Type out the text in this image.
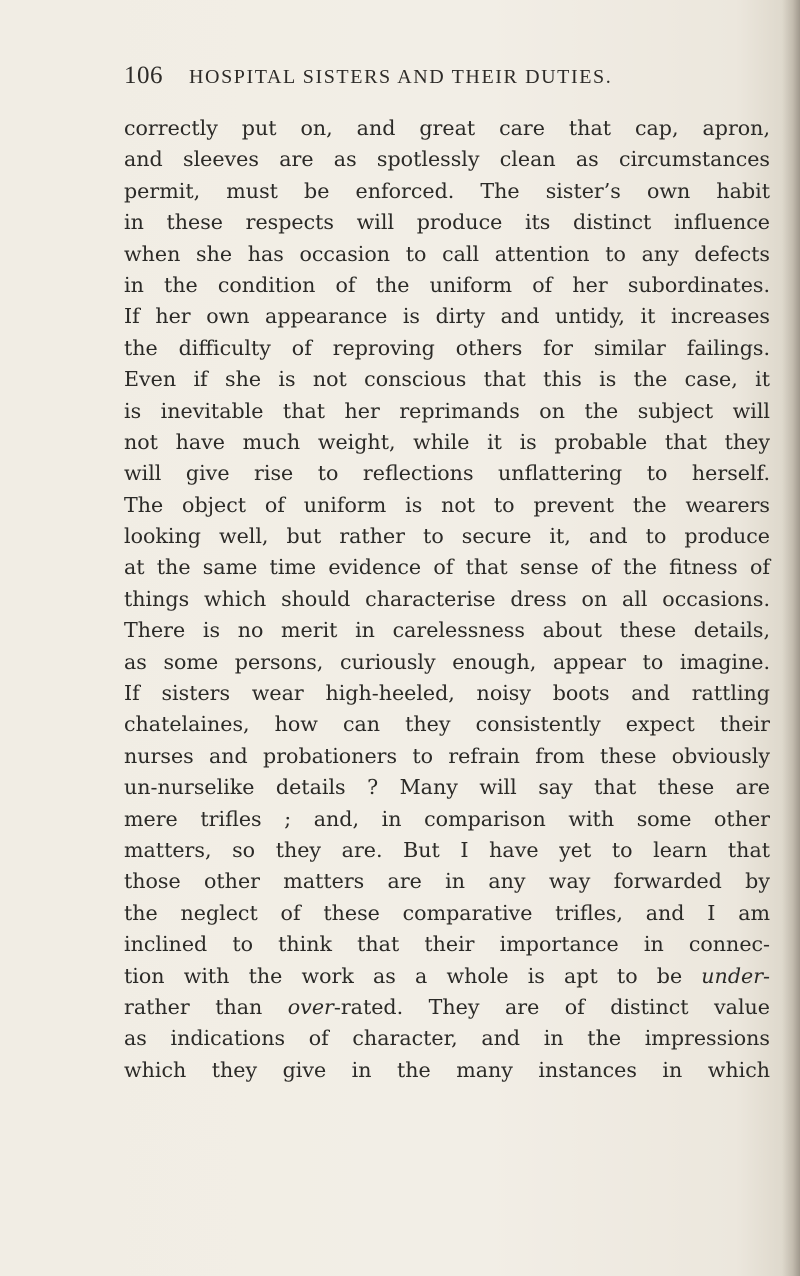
106 HOSPITAL SISTERS AND THEIR DUTIES.
correctly put on, and great care that cap, apron,
and sleeves are as spotlessly clean as circumstances
permit, must be enforced. The sister’s own habit
in these respects will produce its distinct influence
when she has occasion to call attention to any defects
in the condition of the uniform of her subordinates.
If her own appearance is dirty and untidy, it increases
the difficulty of reproving others for similar failings.
Even if she is not conscious that this is the case, it
is inevitable that her reprimands on the subject will
not have much weight, while it is probable that they
will give rise to reflections unflattering to herself.
The object of uniform is not to prevent the wearers
looking well, but rather to secure it, and to produce
at the same time evidence of that sense of the fitness of
things which should characterise dress on all occasions.
There is no merit in carelessness about these details,
as some persons, curiously enough, appear to imagine.
If sisters wear high-heeled, noisy boots and rattling
chatelaines, how can they consistently expect their
nurses and probationers to refrain from these obviously
un-nurselike details ? Many will say that these are
mere trifles ; and, in comparison with some other
matters, so they are. But I have yet to learn that
those other matters are in any way forwarded by
the neglect of these comparative trifles, and I am
inclined to think that their importance in connec-
tion with the work as a whole is apt to be under-
rather than over-rated. They are of distinct value
as indications of character, and in the impressions
which they give in the many instances in which
